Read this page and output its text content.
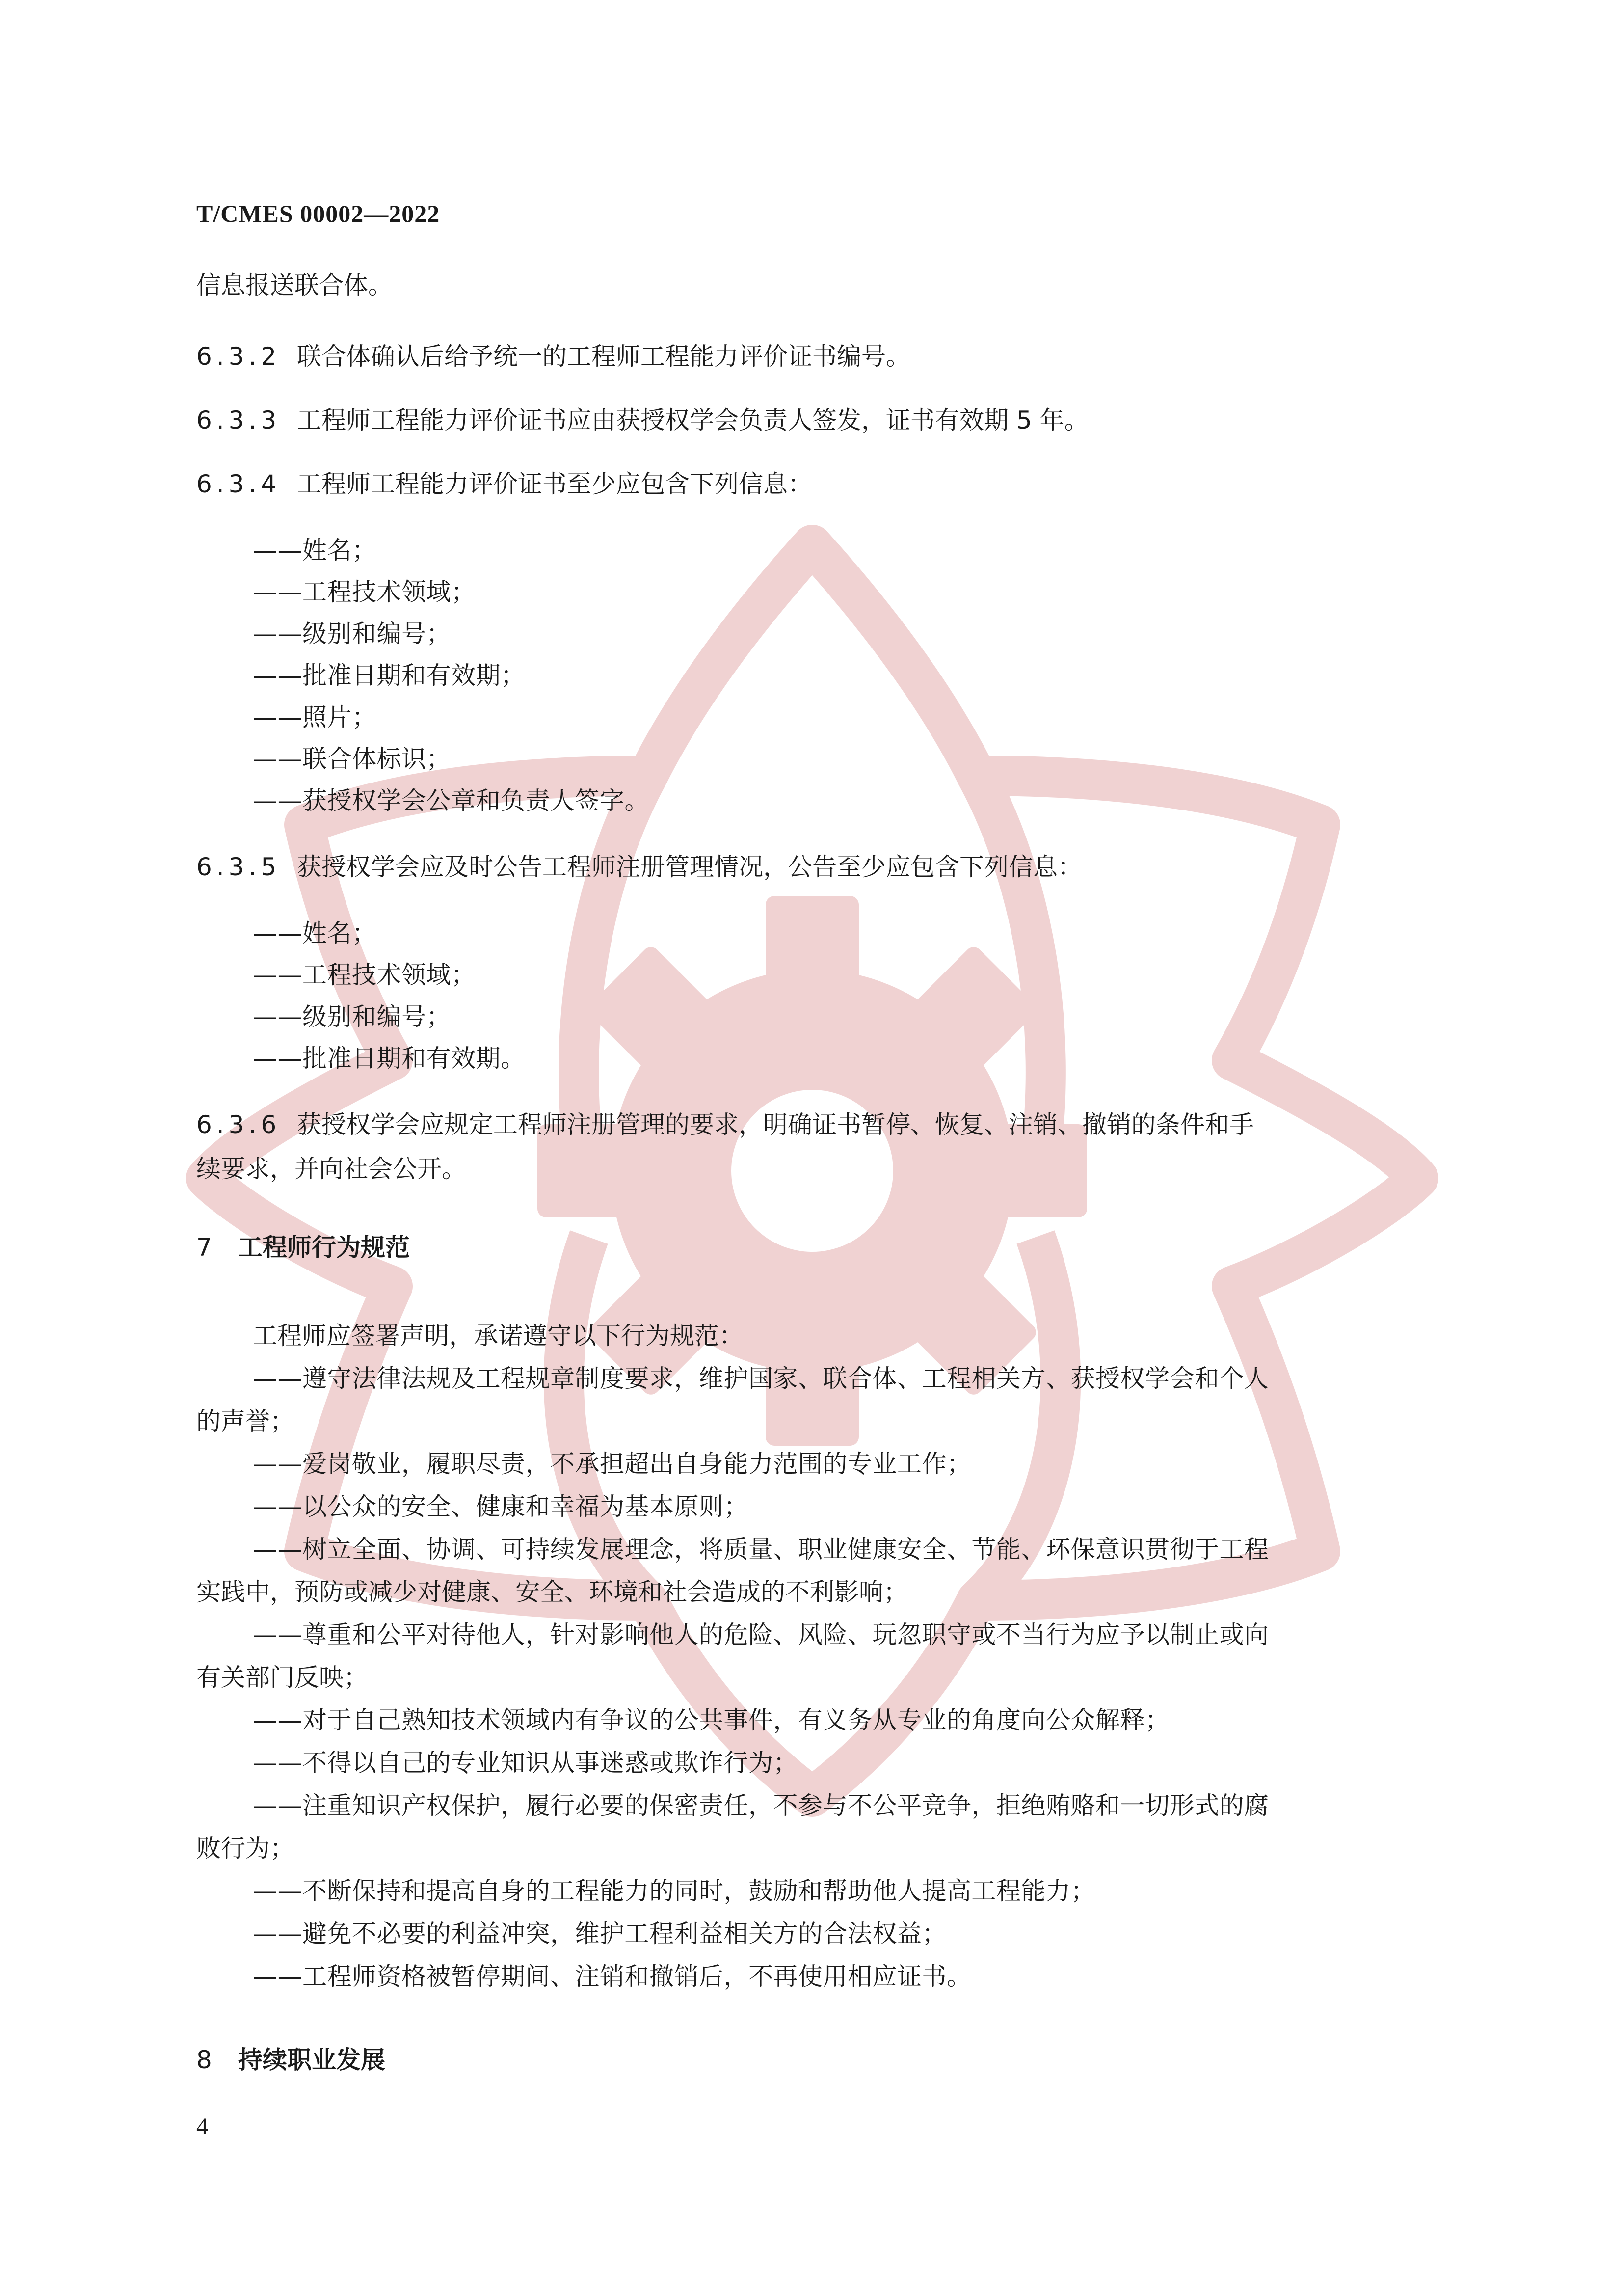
T/CMES 00002—2022

信息报送联合体。

6.3.2 联合体确认后给予统一的工程师工程能力评价证书编号。

6.3.3 工程师工程能力评价证书应由获授权学会负责人签发，证书有效期 5 年。

6.3.4 工程师工程能力评价证书至少应包含下列信息：

——姓名；

——工程技术领域；

——级别和编号；

——批准日期和有效期；

——照片；

——联合体标识；

——获授权学会公章和负责人签字。

6.3.5 获授权学会应及时公告工程师注册管理情况，公告至少应包含下列信息：

——姓名；

——工程技术领域；

——级别和编号；

——批准日期和有效期。

6.3.6 获授权学会应规定工程师注册管理的要求，明确证书暂停、恢复、注销、撤销的条件和手

续要求，并向社会公开。

7	工程师行为规范

工程师应签署声明，承诺遵守以下行为规范：

——遵守法律法规及工程规章制度要求，维护国家、联合体、工程相关方、获授权学会和个人

的声誉；

——爱岗敬业，履职尽责，不承担超出自身能力范围的专业工作；

——以公众的安全、健康和幸福为基本原则；

——树立全面、协调、可持续发展理念，将质量、职业健康安全、节能、环保意识贯彻于工程

实践中，预防或减少对健康、安全、环境和社会造成的不利影响；

——尊重和公平对待他人，针对影响他人的危险、风险、玩忽职守或不当行为应予以制止或向

有关部门反映；

——对于自己熟知技术领域内有争议的公共事件，有义务从专业的角度向公众解释；

——不得以自己的专业知识从事迷惑或欺诈行为；

——注重知识产权保护，履行必要的保密责任，不参与不公平竞争，拒绝贿赂和一切形式的腐

败行为；

——不断保持和提高自身的工程能力的同时，鼓励和帮助他人提高工程能力；

——避免不必要的利益冲突，维护工程利益相关方的合法权益；

——工程师资格被暂停期间、注销和撤销后，不再使用相应证书。

8	持续职业发展

4
